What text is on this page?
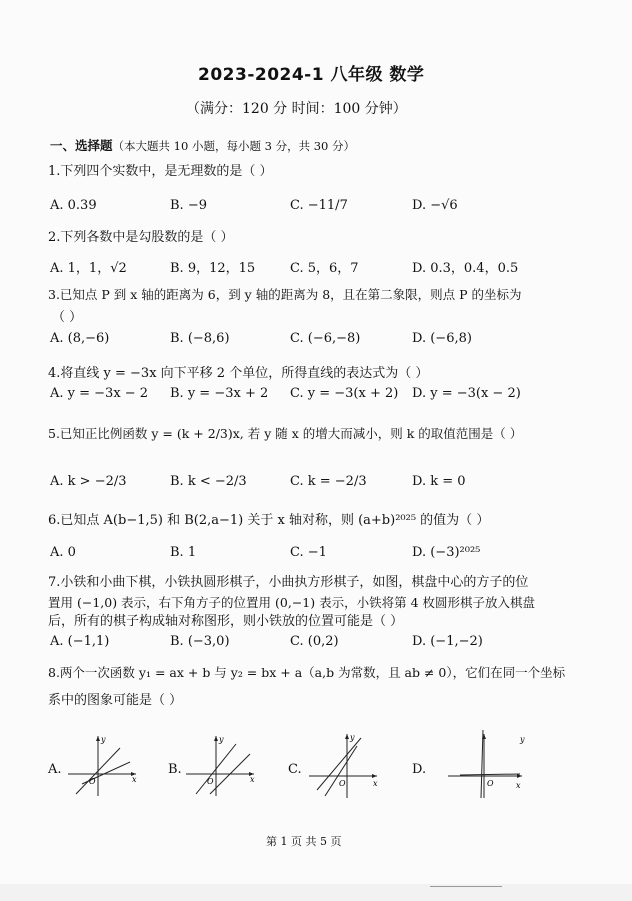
2023-2024-1 八年级 数学
（满分：120 分 时间：100 分钟）
一、选择题（本大题共 10 小题，每小题 3 分，共 30 分）
1.下列四个实数中，是无理数的是（ ）
A. 0.39	B. −9	C. −11/7	D. −√6
2.下列各数中是勾股数的是（ ）
A. 1，1，√2	B. 9，12，15	C. 5，6，7	D. 0.3，0.4，0.5
3.已知点 P 到 x 轴的距离为 6，到 y 轴的距离为 8，且在第二象限，则点 P 的坐标为
（ ）
A. (8,−6)	B. (−8,6)	C. (−6,−8)	D. (−6,8)
4.将直线 y = −3x 向下平移 2 个单位，所得直线的表达式为（ ）
A. y = −3x − 2 B. y = −3x + 2 C. y = −3(x + 2) D. y = −3(x − 2)
5.已知正比例函数 y = (k + 2/3)x, 若 y 随 x 的增大而减小，则 k 的取值范围是（ ）
A. k > −2/3	B. k < −2/3	C. k = −2/3	D. k = 0
6.已知点 A(b−1,5) 和 B(2,a−1) 关于 x 轴对称，则 (a+b)²⁰²⁵ 的值为（ ）
A. 0	B. 1	C. −1	D. (−3)²⁰²⁵
7.小铁和小曲下棋，小铁执圆形棋子，小曲执方形棋子，如图，棋盘中心的方子的位
置用 (−1,0) 表示，右下角方子的位置用 (0,−1) 表示，小铁将第 4 枚圆形棋子放入棋盘
后，所有的棋子构成轴对称图形，则小铁放的位置可能是（ ）
A. (−1,1)	B. (−3,0)	C. (0,2)	D. (−1,−2)
8.两个一次函数 y₁ = ax + b 与 y₂ = bx + a（a,b 为常数，且 ab ≠ 0），它们在同一个坐标
系中的图象可能是（ ）
A.
y
x
O
B.
y
x
O
C.
y
x
O
D.
y
x
O
第 1 页 共 5 页
